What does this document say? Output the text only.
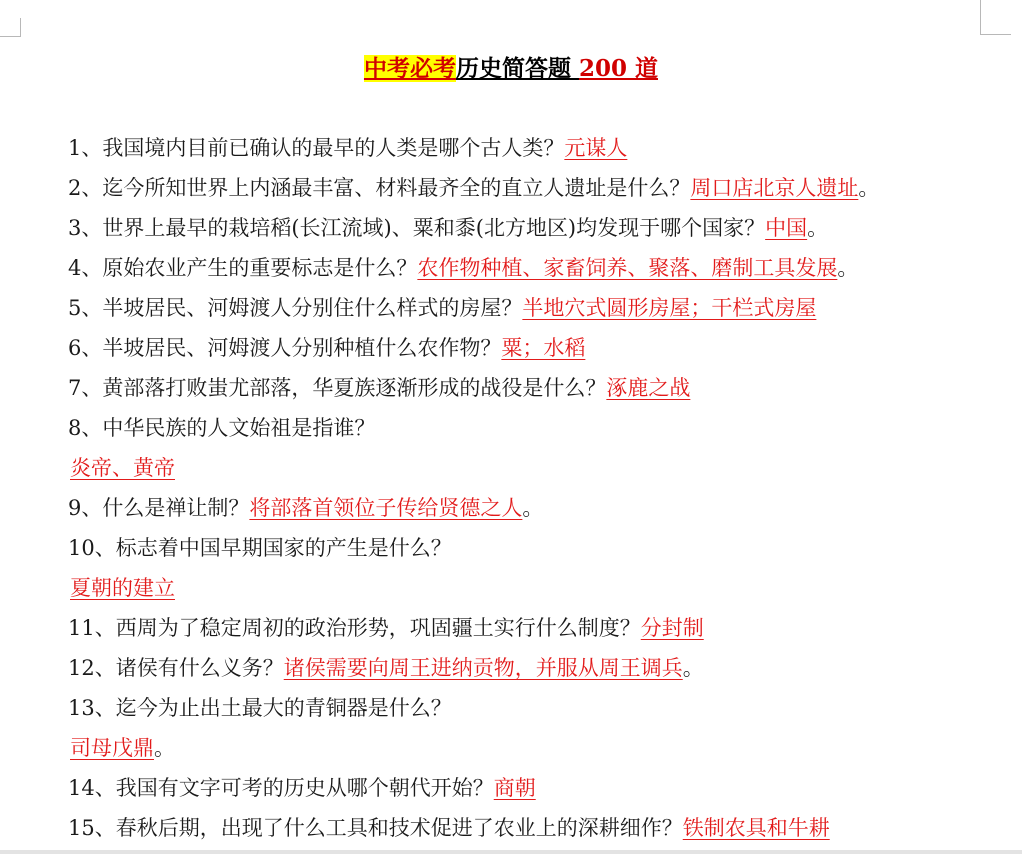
中考必考历史简答题 200 道
1、我国境内目前已确认的最早的人类是哪个古人类？元谋人
2、迄今所知世界上内涵最丰富、材料最齐全的直立人遗址是什么？周口店北京人遗址。
3、世界上最早的栽培稻(长江流域)、粟和黍(北方地区)均发现于哪个国家？中国。
4、原始农业产生的重要标志是什么？农作物种植、家畜饲养、聚落、磨制工具发展。
5、半坡居民、河姆渡人分别住什么样式的房屋？半地穴式圆形房屋；干栏式房屋
6、半坡居民、河姆渡人分别种植什么农作物？粟；水稻
7、黄部落打败蚩尤部落，华夏族逐渐形成的战役是什么？涿鹿之战
8、中华民族的人文始祖是指谁？
炎帝、黄帝
9、什么是禅让制？将部落首领位子传给贤德之人。
10、标志着中国早期国家的产生是什么？
夏朝的建立
11、西周为了稳定周初的政治形势，巩固疆土实行什么制度？分封制
12、诸侯有什么义务？诸侯需要向周王进纳贡物，并服从周王调兵。
13、迄今为止出土最大的青铜器是什么？
司母戊鼎。
14、我国有文字可考的历史从哪个朝代开始？商朝
15、春秋后期，出现了什么工具和技术促进了农业上的深耕细作？铁制农具和牛耕
